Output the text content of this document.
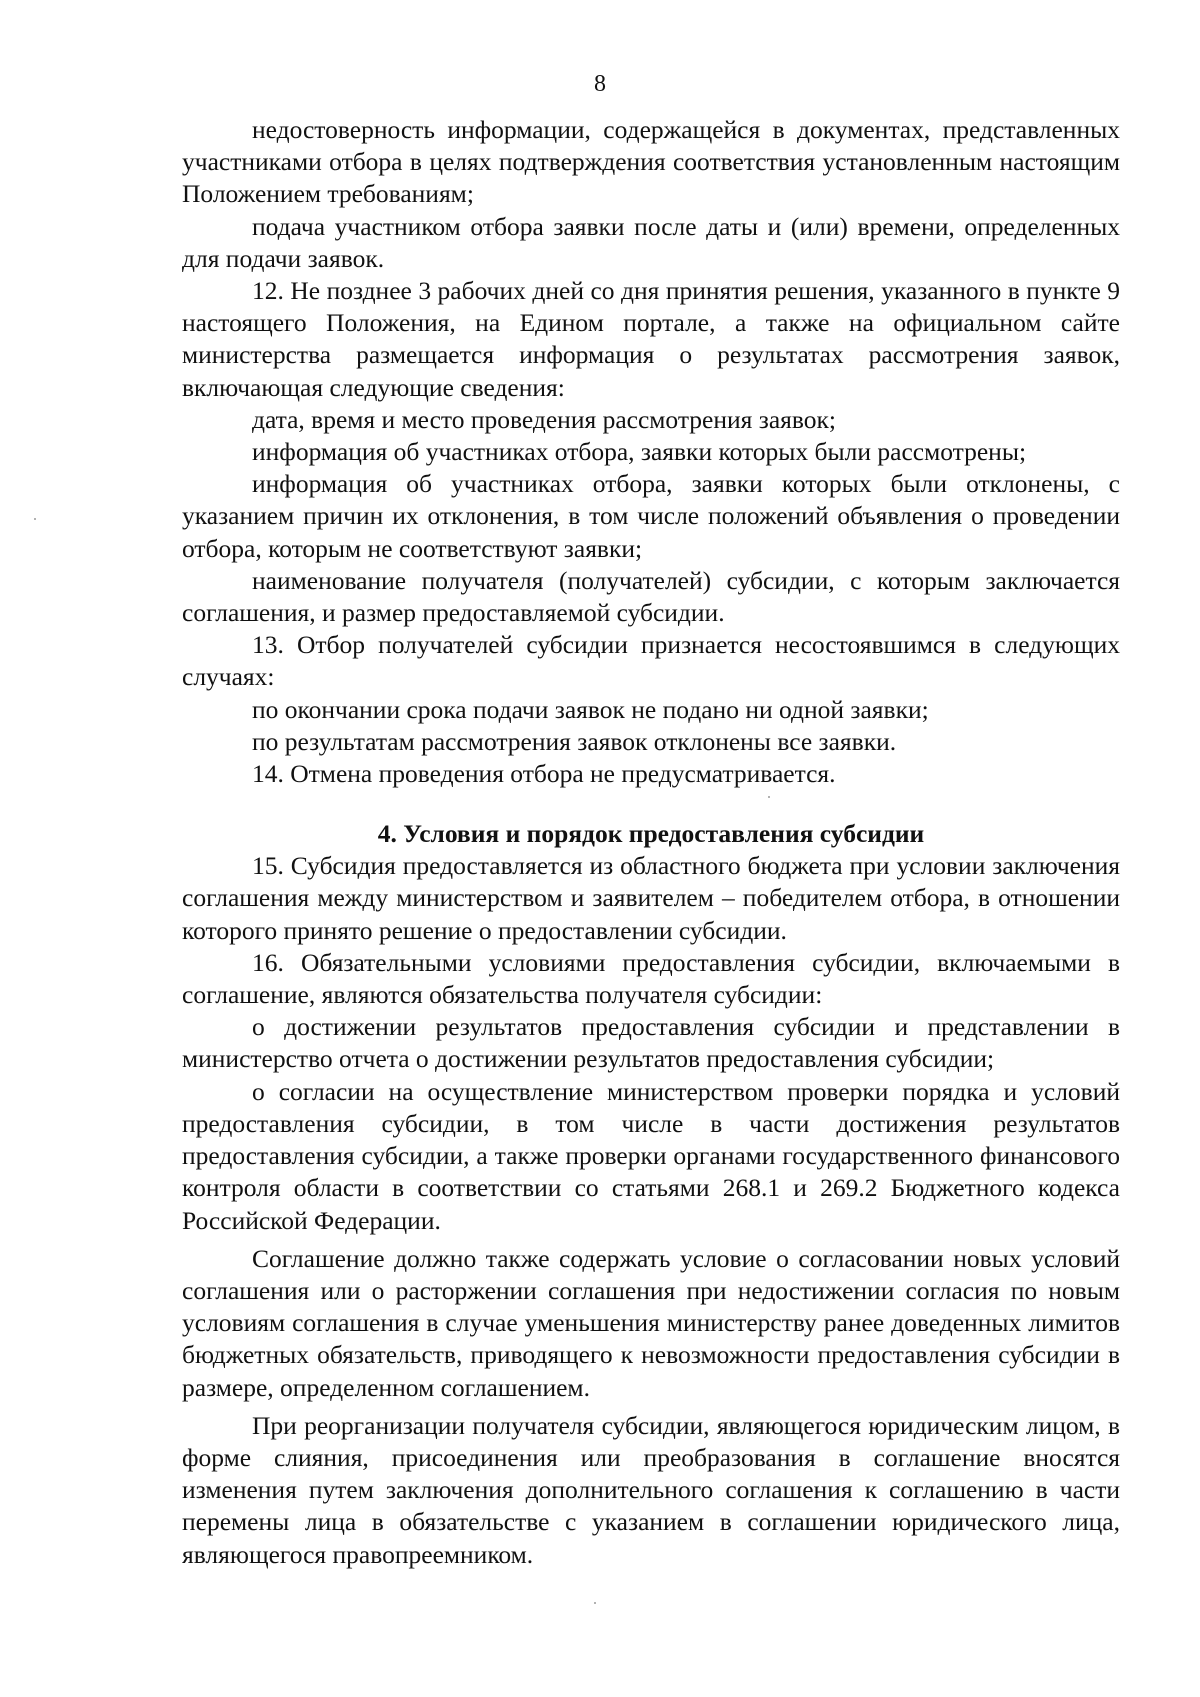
8

недостоверность информации, содержащейся в документах, представленных участниками отбора в целях подтверждения соответствия установленным настоящим Положением требованиям;

подача участником отбора заявки после даты и (или) времени, определенных для подачи заявок.

12. Не позднее 3 рабочих дней со дня принятия решения, указанного в пункте 9 настоящего Положения, на Едином портале, а также на официальном сайте министерства размещается информация о результатах рассмотрения заявок, включающая следующие сведения:

дата, время и место проведения рассмотрения заявок;

информация об участниках отбора, заявки которых были рассмотрены;

информация об участниках отбора, заявки которых были отклонены, с указанием причин их отклонения, в том числе положений объявления о проведении отбора, которым не соответствуют заявки;

наименование получателя (получателей) субсидии, с которым заключается соглашения, и размер предоставляемой субсидии.

13. Отбор получателей субсидии признается несостоявшимся в следующих случаях:

по окончании срока подачи заявок не подано ни одной заявки;

по результатам рассмотрения заявок отклонены все заявки.

14. Отмена проведения отбора не предусматривается.

4. Условия и порядок предоставления субсидии

15. Субсидия предоставляется из областного бюджета при условии заключения соглашения между министерством и заявителем – победителем отбора, в отношении которого принято решение о предоставлении субсидии.

16. Обязательными условиями предоставления субсидии, включаемыми в соглашение, являются обязательства получателя субсидии:

о достижении результатов предоставления субсидии и представлении в министерство отчета о достижении результатов предоставления субсидии;

о согласии на осуществление министерством проверки порядка и условий предоставления субсидии, в том числе в части достижения результатов предоставления субсидии, а также проверки органами государственного финансового контроля области в соответствии со статьями 268.1 и 269.2 Бюджетного кодекса Российской Федерации.

Соглашение должно также содержать условие о согласовании новых условий соглашения или о расторжении соглашения при недостижении согласия по новым условиям соглашения в случае уменьшения министерству ранее доведенных лимитов бюджетных обязательств, приводящего к невозможности предоставления субсидии в размере, определенном соглашением.

При реорганизации получателя субсидии, являющегося юридическим лицом, в форме слияния, присоединения или преобразования в соглашение вносятся изменения путем заключения дополнительного соглашения к соглашению в части перемены лица в обязательстве с указанием в соглашении юридического лица, являющегося правопреемником.
